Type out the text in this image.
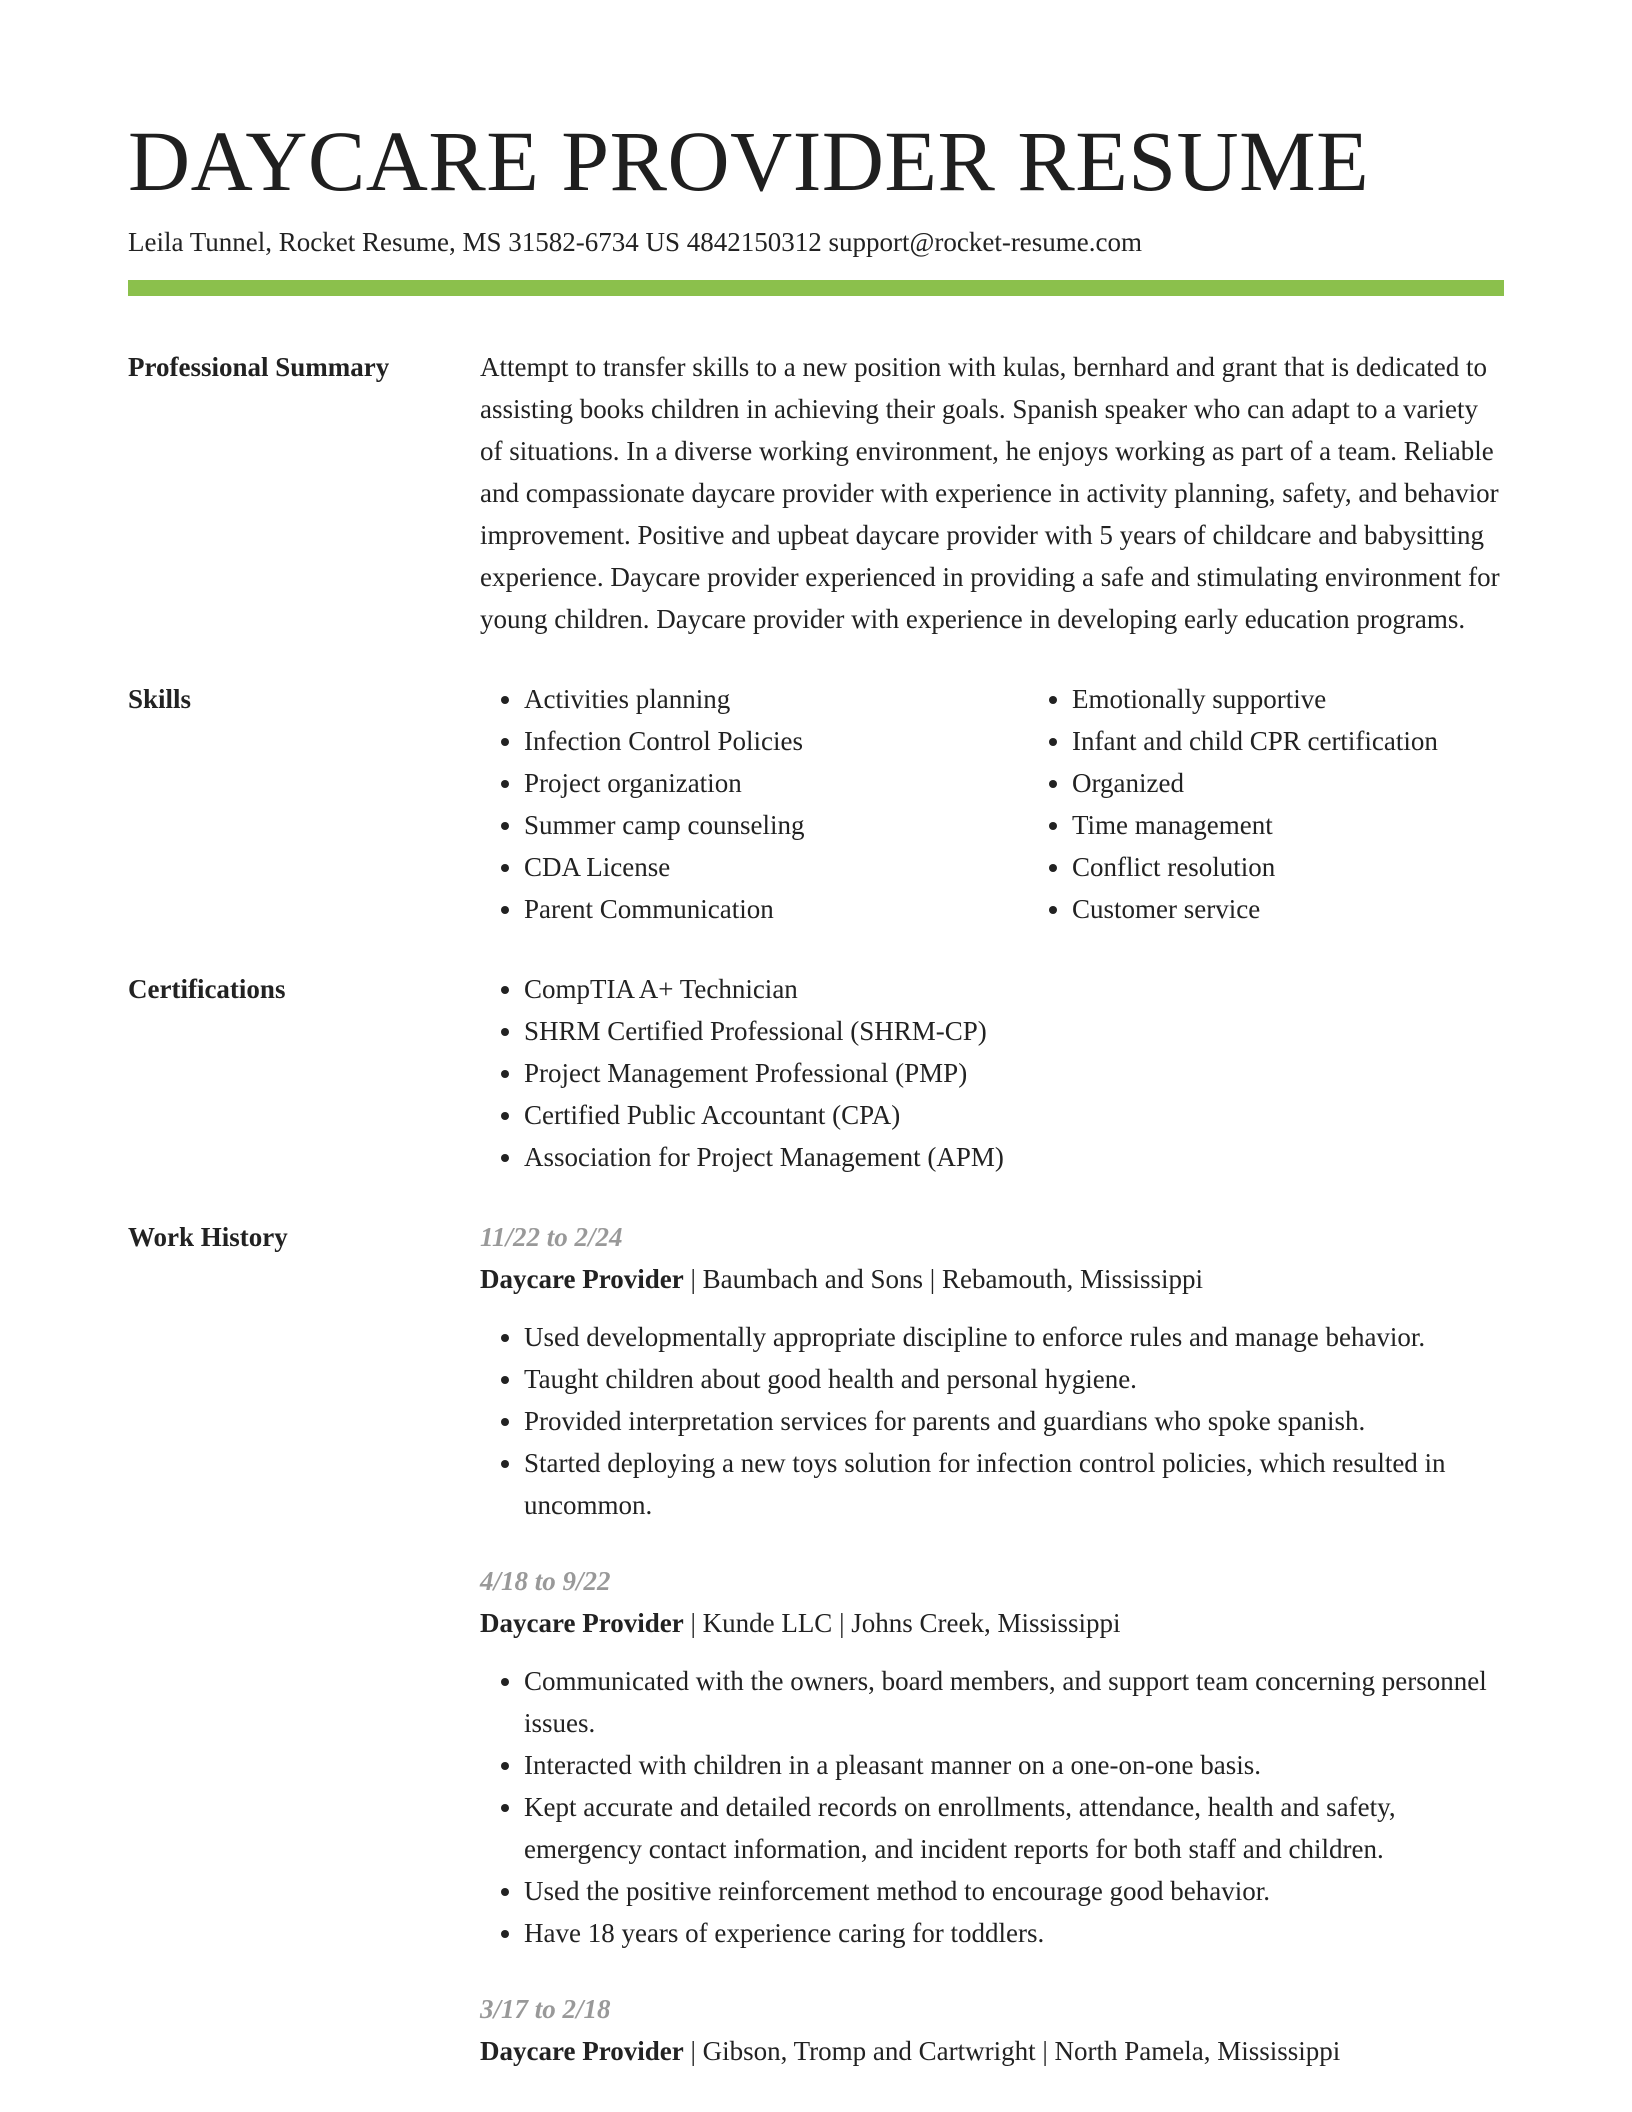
DAYCARE PROVIDER RESUME
Leila Tunnel, Rocket Resume, MS 31582-6734 US 4842150312 support@rocket-resume.com
Professional Summary	Attempt to transfer skills to a new position with kulas, bernhard and grant that is dedicated to assisting books children in achieving their goals. Spanish speaker who can adapt to a variety of situations. In a diverse working environment, he enjoys working as part of a team. Reliable and compassionate daycare provider with experience in activity planning, safety, and behavior improvement. Positive and upbeat daycare provider with 5 years of childcare and babysitting experience. Daycare provider experienced in providing a safe and stimulating environment for young children. Daycare provider with experience in developing early education programs.

Skills	• Activities planning
• Infection Control Policies
• Project organization
• Summer camp counseling
• CDA License
• Parent Communication
• Emotionally supportive
• Infant and child CPR certification
• Organized
• Time management
• Conflict resolution
• Customer service
Certifications	• CompTIA A+ Technician
• SHRM Certified Professional (SHRM-CP)
• Project Management Professional (PMP)
• Certified Public Accountant (CPA)
• Association for Project Management (APM)
Work History	11/22 to 2/24
Daycare Provider | Baumbach and Sons | Rebamouth, Mississippi
• Used developmentally appropriate discipline to enforce rules and manage behavior.
• Taught children about good health and personal hygiene.
• Provided interpretation services for parents and guardians who spoke spanish.
• Started deploying a new toys solution for infection control policies, which resulted in uncommon.
4/18 to 9/22
Daycare Provider | Kunde LLC | Johns Creek, Mississippi
• Communicated with the owners, board members, and support team concerning personnel issues.
• Interacted with children in a pleasant manner on a one-on-one basis.
• Kept accurate and detailed records on enrollments, attendance, health and safety, emergency contact information, and incident reports for both staff and children.
• Used the positive reinforcement method to encourage good behavior.
• Have 18 years of experience caring for toddlers.
3/17 to 2/18
Daycare Provider | Gibson, Tromp and Cartwright | North Pamela, Mississippi
